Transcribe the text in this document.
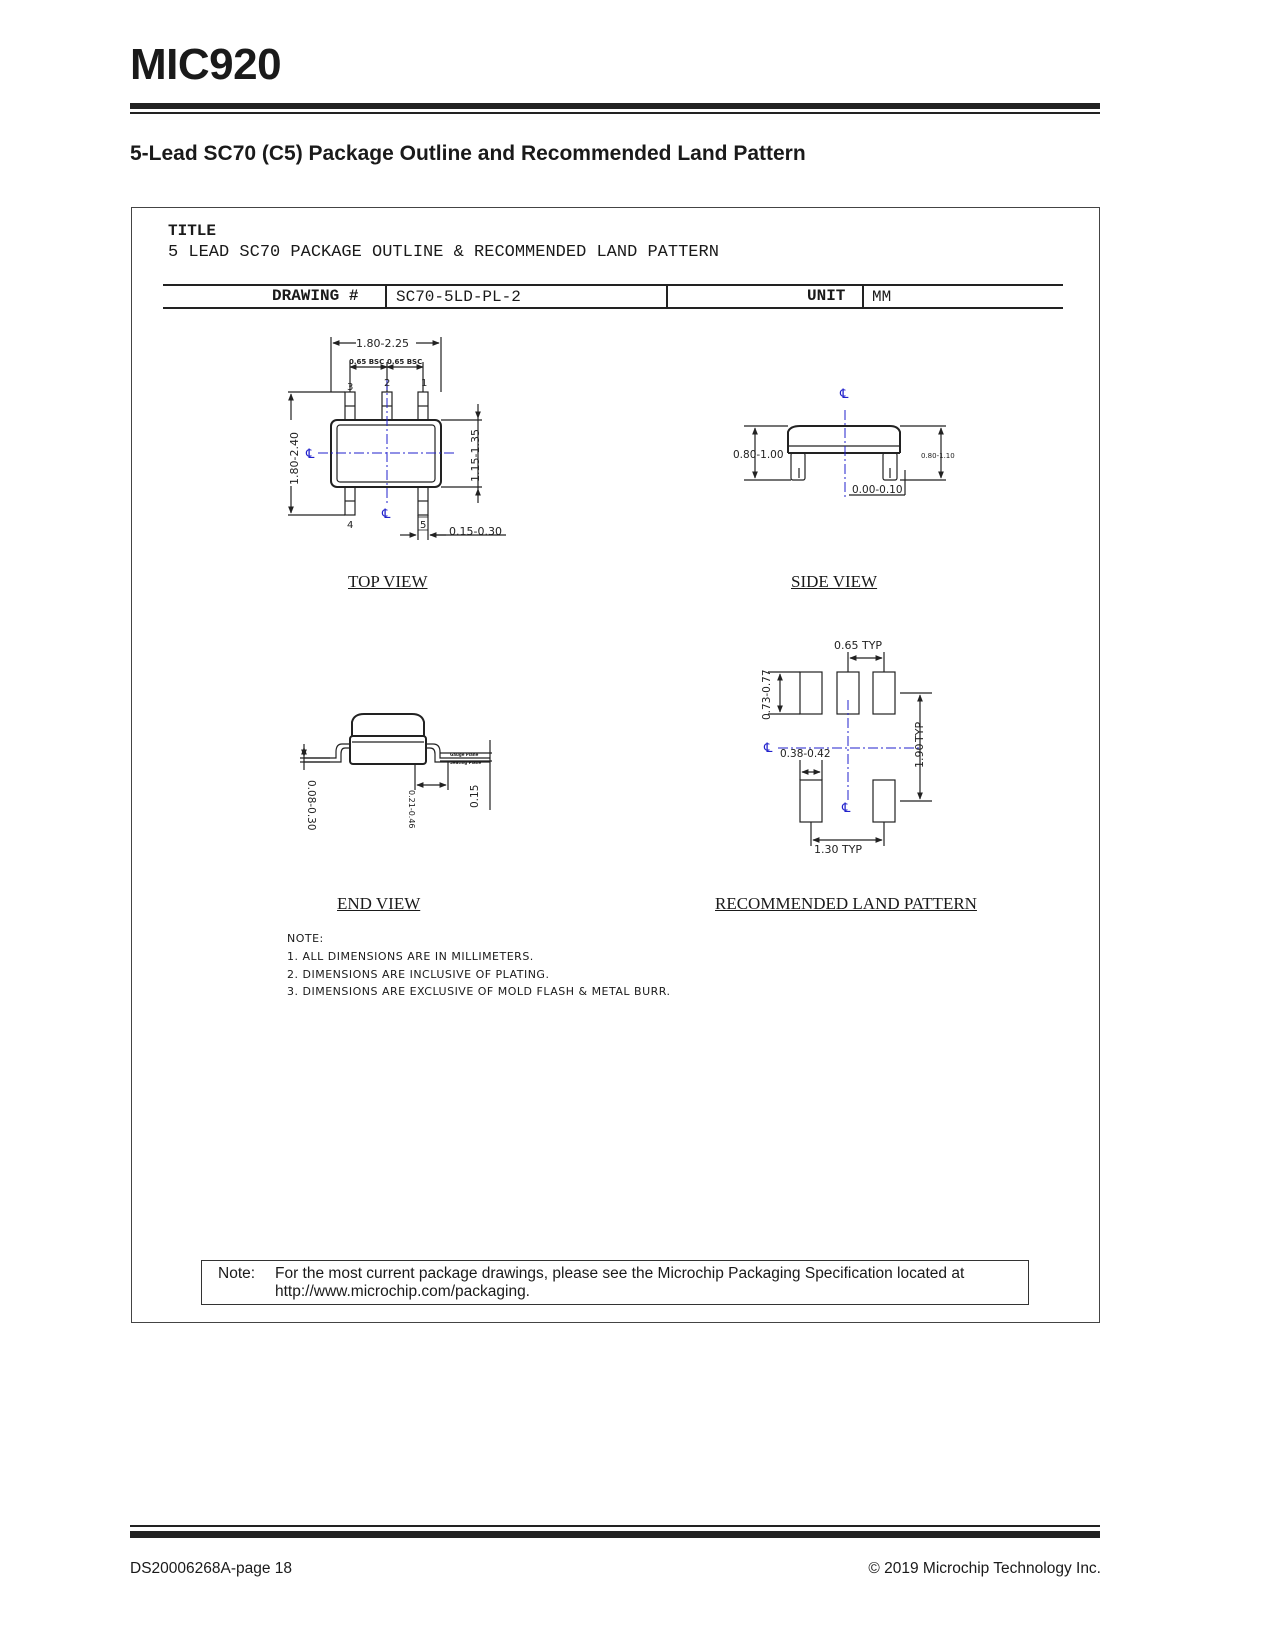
MIC920
5-Lead SC70 (C5) Package Outline and Recommended Land Pattern
TITLE
5 LEAD SC70 PACKAGE OUTLINE & RECOMMENDED LAND PATTERN
DRAWING # SC70-5LD-PL-2	UNIT MM
1.80-2.25
0.65 BSC 0.65 BSC
3	2	1
4	5
1.80-2.40	1.15-1.35
0.15-0.30
℄
℄
℄
0.80-1.00	0.80-1.10
0.00-0.10
0.08-0.30	0.21-0.46	0.15
Gauge Plane
Seating Plane
0.65 TYP
0.73-0.77
0.38-0.42
1.30 TYP
1.90
TYP
℄
℄
TOP VIEW	SIDE VIEW
END VIEW	RECOMMENDED LAND PATTERN
NOTE:
1. ALL DIMENSIONS ARE IN MILLIMETERS.
2. DIMENSIONS ARE INCLUSIVE OF PLATING.
3. DIMENSIONS ARE EXCLUSIVE OF MOLD FLASH & METAL BURR.
Note: For the most current package drawings, please see the Microchip Packaging Specification located at http://www.microchip.com/packaging.
DS20006268A-page 18	© 2019 Microchip Technology Inc.
